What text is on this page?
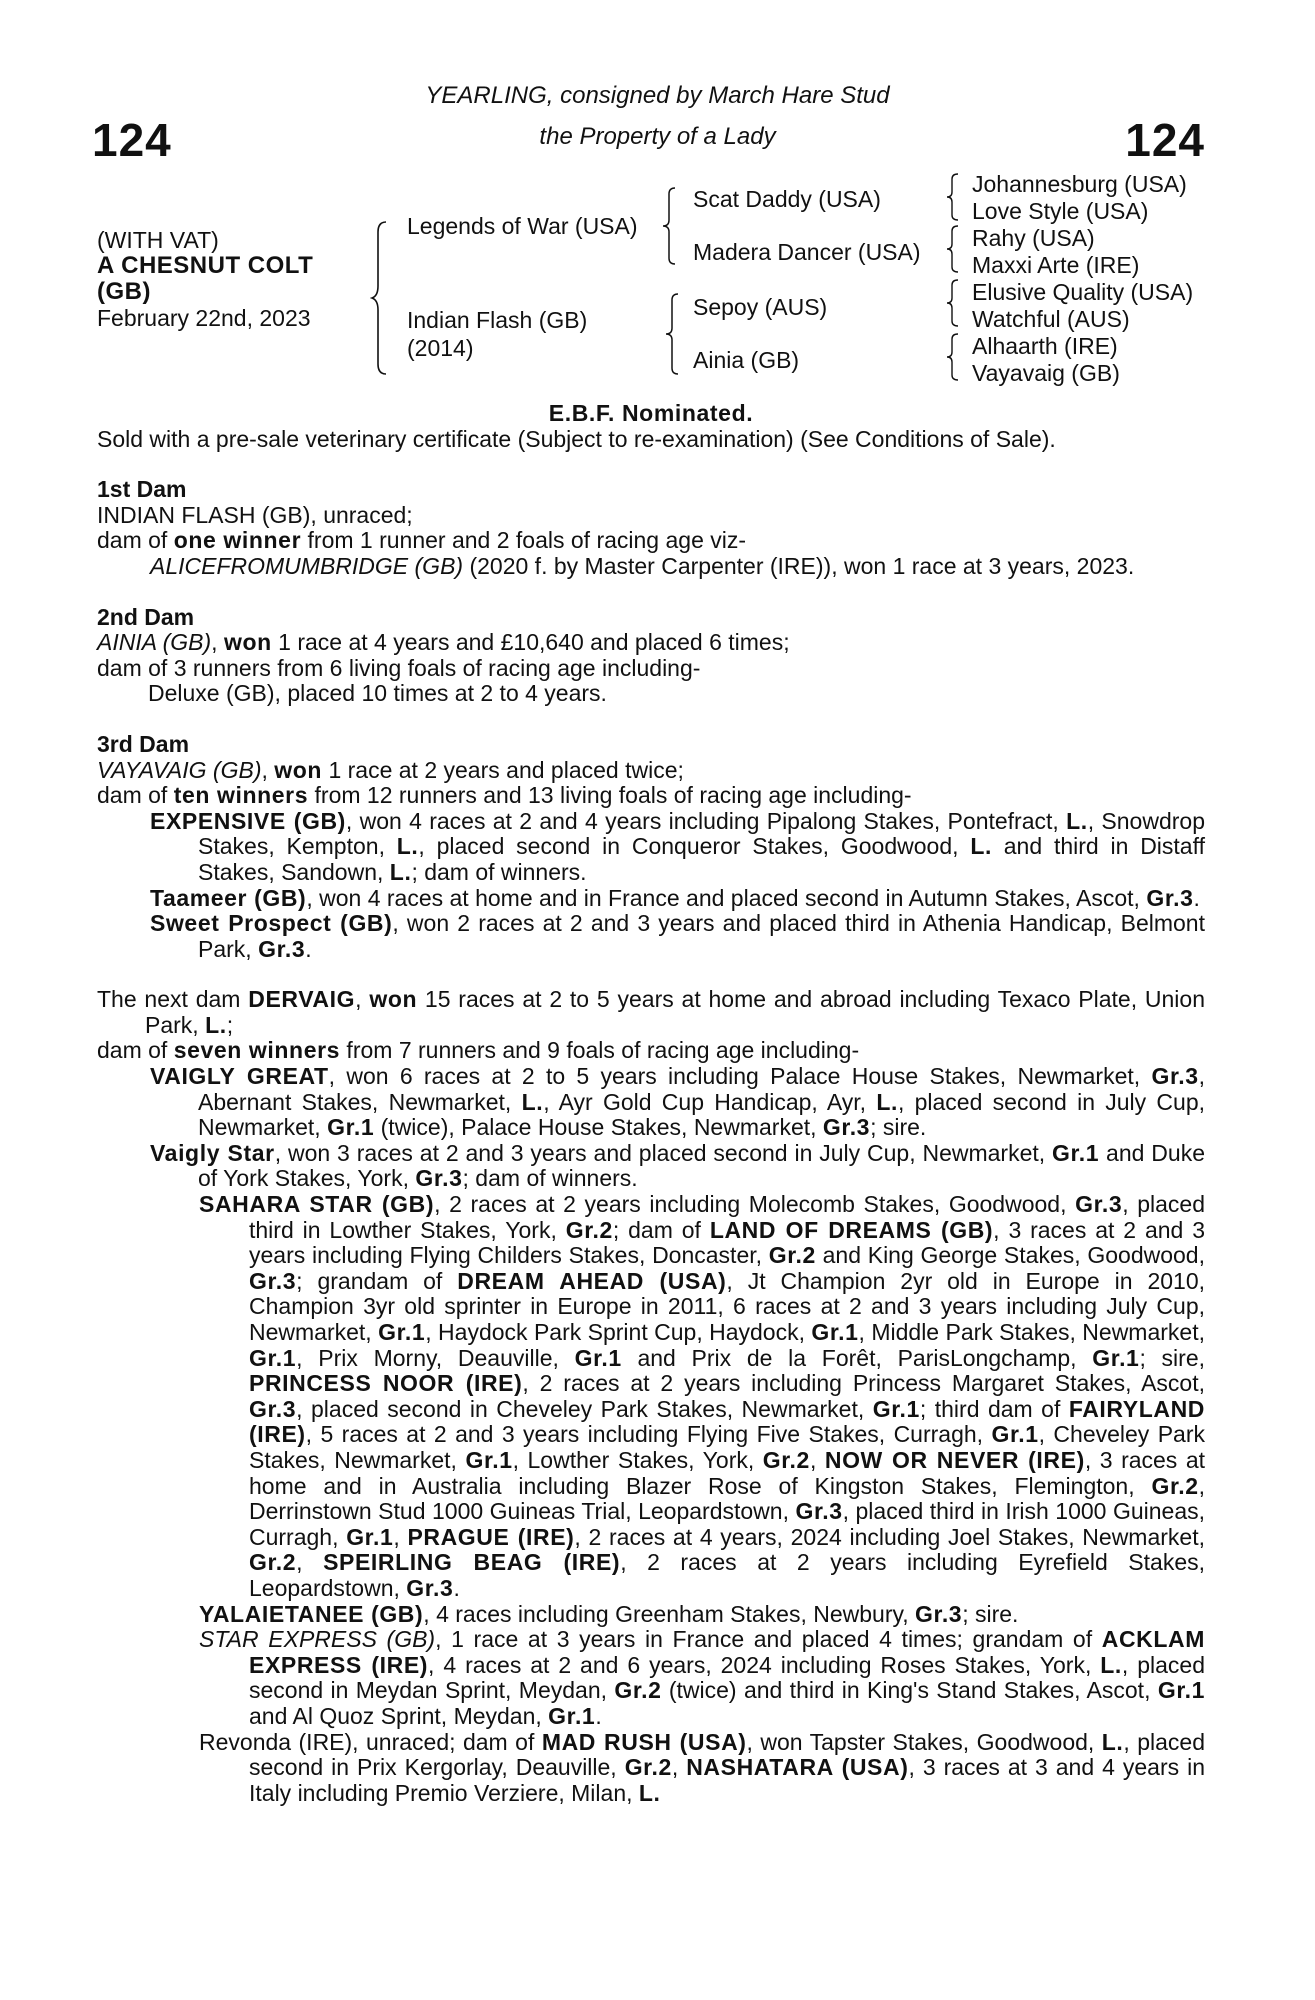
124	124
YEARLING, consigned by March Hare Stud
the Property of a Lady
(WITH VAT)
A CHESNUT COLT
(GB)
February 22nd, 2023
Legends of War (USA)
Indian Flash (GB)
(2014)
Scat Daddy (USA)
Madera Dancer (USA)
Sepoy (AUS)
Ainia (GB)
Johannesburg (USA)
Love Style (USA)
Rahy (USA)
Maxxi Arte (IRE)
Elusive Quality (USA)
Watchful (AUS)
Alhaarth (IRE)
Vayavaig (GB)

E.B.F. Nominated.

Sold with a pre-sale veterinary certificate (Subject to re-examination) (See Conditions of Sale).

1st Dam

INDIAN FLASH (GB), unraced;

dam of one winner from 1 runner and 2 foals of racing age viz-

ALICEFROMUMBRIDGE (GB) (2020 f. by Master Carpenter (IRE)), won 1 race at 3 years, 2023.

2nd Dam

AINIA (GB), won 1 race at 4 years and £10,640 and placed 6 times;

dam of 3 runners from 6 living foals of racing age including-

Deluxe (GB), placed 10 times at 2 to 4 years.

3rd Dam

VAYAVAIG (GB), won 1 race at 2 years and placed twice;

dam of ten winners from 12 runners and 13 living foals of racing age including-

EXPENSIVE (GB), won 4 races at 2 and 4 years including Pipalong Stakes, Pontefract, L., Snowdrop Stakes, Kempton, L., placed second in Conqueror Stakes, Goodwood, L. and third in Distaff Stakes, Sandown, L.; dam of winners.

Taameer (GB), won 4 races at home and in France and placed second in Autumn Stakes, Ascot, Gr.3.

Sweet Prospect (GB), won 2 races at 2 and 3 years and placed third in Athenia Handicap, Belmont Park, Gr.3.

The next dam DERVAIG, won 15 races at 2 to 5 years at home and abroad including Texaco Plate, Union Park, L.;

dam of seven winners from 7 runners and 9 foals of racing age including-

VAIGLY GREAT, won 6 races at 2 to 5 years including Palace House Stakes, Newmarket, Gr.3, Abernant Stakes, Newmarket, L., Ayr Gold Cup Handicap, Ayr, L., placed second in July Cup, Newmarket, Gr.1 (twice), Palace House Stakes, Newmarket, Gr.3; sire.

Vaigly Star, won 3 races at 2 and 3 years and placed second in July Cup, Newmarket, Gr.1 and Duke of York Stakes, York, Gr.3; dam of winners.

SAHARA STAR (GB), 2 races at 2 years including Molecomb Stakes, Goodwood, Gr.3, placed third in Lowther Stakes, York, Gr.2; dam of LAND OF DREAMS (GB), 3 races at 2 and 3 years including Flying Childers Stakes, Doncaster, Gr.2 and King George Stakes, Goodwood, Gr.3; grandam of DREAM AHEAD (USA), Jt Champion 2yr old in Europe in 2010, Champion 3yr old sprinter in Europe in 2011, 6 races at 2 and 3 years including July Cup, Newmarket, Gr.1, Haydock Park Sprint Cup, Haydock, Gr.1, Middle Park Stakes, Newmarket, Gr.1, Prix Morny, Deauville, Gr.1 and Prix de la Forêt, ParisLongchamp, Gr.1; sire, PRINCESS NOOR (IRE), 2 races at 2 years including Princess Margaret Stakes, Ascot, Gr.3, placed second in Cheveley Park Stakes, Newmarket, Gr.1; third dam of FAIRYLAND (IRE), 5 races at 2 and 3 years including Flying Five Stakes, Curragh, Gr.1, Cheveley Park Stakes, Newmarket, Gr.1, Lowther Stakes, York, Gr.2, NOW OR NEVER (IRE), 3 races at home and in Australia including Blazer Rose of Kingston Stakes, Flemington, Gr.2, Derrinstown Stud 1000 Guineas Trial, Leopardstown, Gr.3, placed third in Irish 1000 Guineas, Curragh, Gr.1, PRAGUE (IRE), 2 races at 4 years, 2024 including Joel Stakes, Newmarket, Gr.2, SPEIRLING BEAG (IRE), 2 races at 2 years including Eyrefield Stakes, Leopardstown, Gr.3.

YALAIETANEE (GB), 4 races including Greenham Stakes, Newbury, Gr.3; sire.

STAR EXPRESS (GB), 1 race at 3 years in France and placed 4 times; grandam of ACKLAM EXPRESS (IRE), 4 races at 2 and 6 years, 2024 including Roses Stakes, York, L., placed second in Meydan Sprint, Meydan, Gr.2 (twice) and third in King's Stand Stakes, Ascot, Gr.1 and Al Quoz Sprint, Meydan, Gr.1.

Revonda (IRE), unraced; dam of MAD RUSH (USA), won Tapster Stakes, Goodwood, L., placed second in Prix Kergorlay, Deauville, Gr.2, NASHATARA (USA), 3 races at 3 and 4 years in Italy including Premio Verziere, Milan, L.
